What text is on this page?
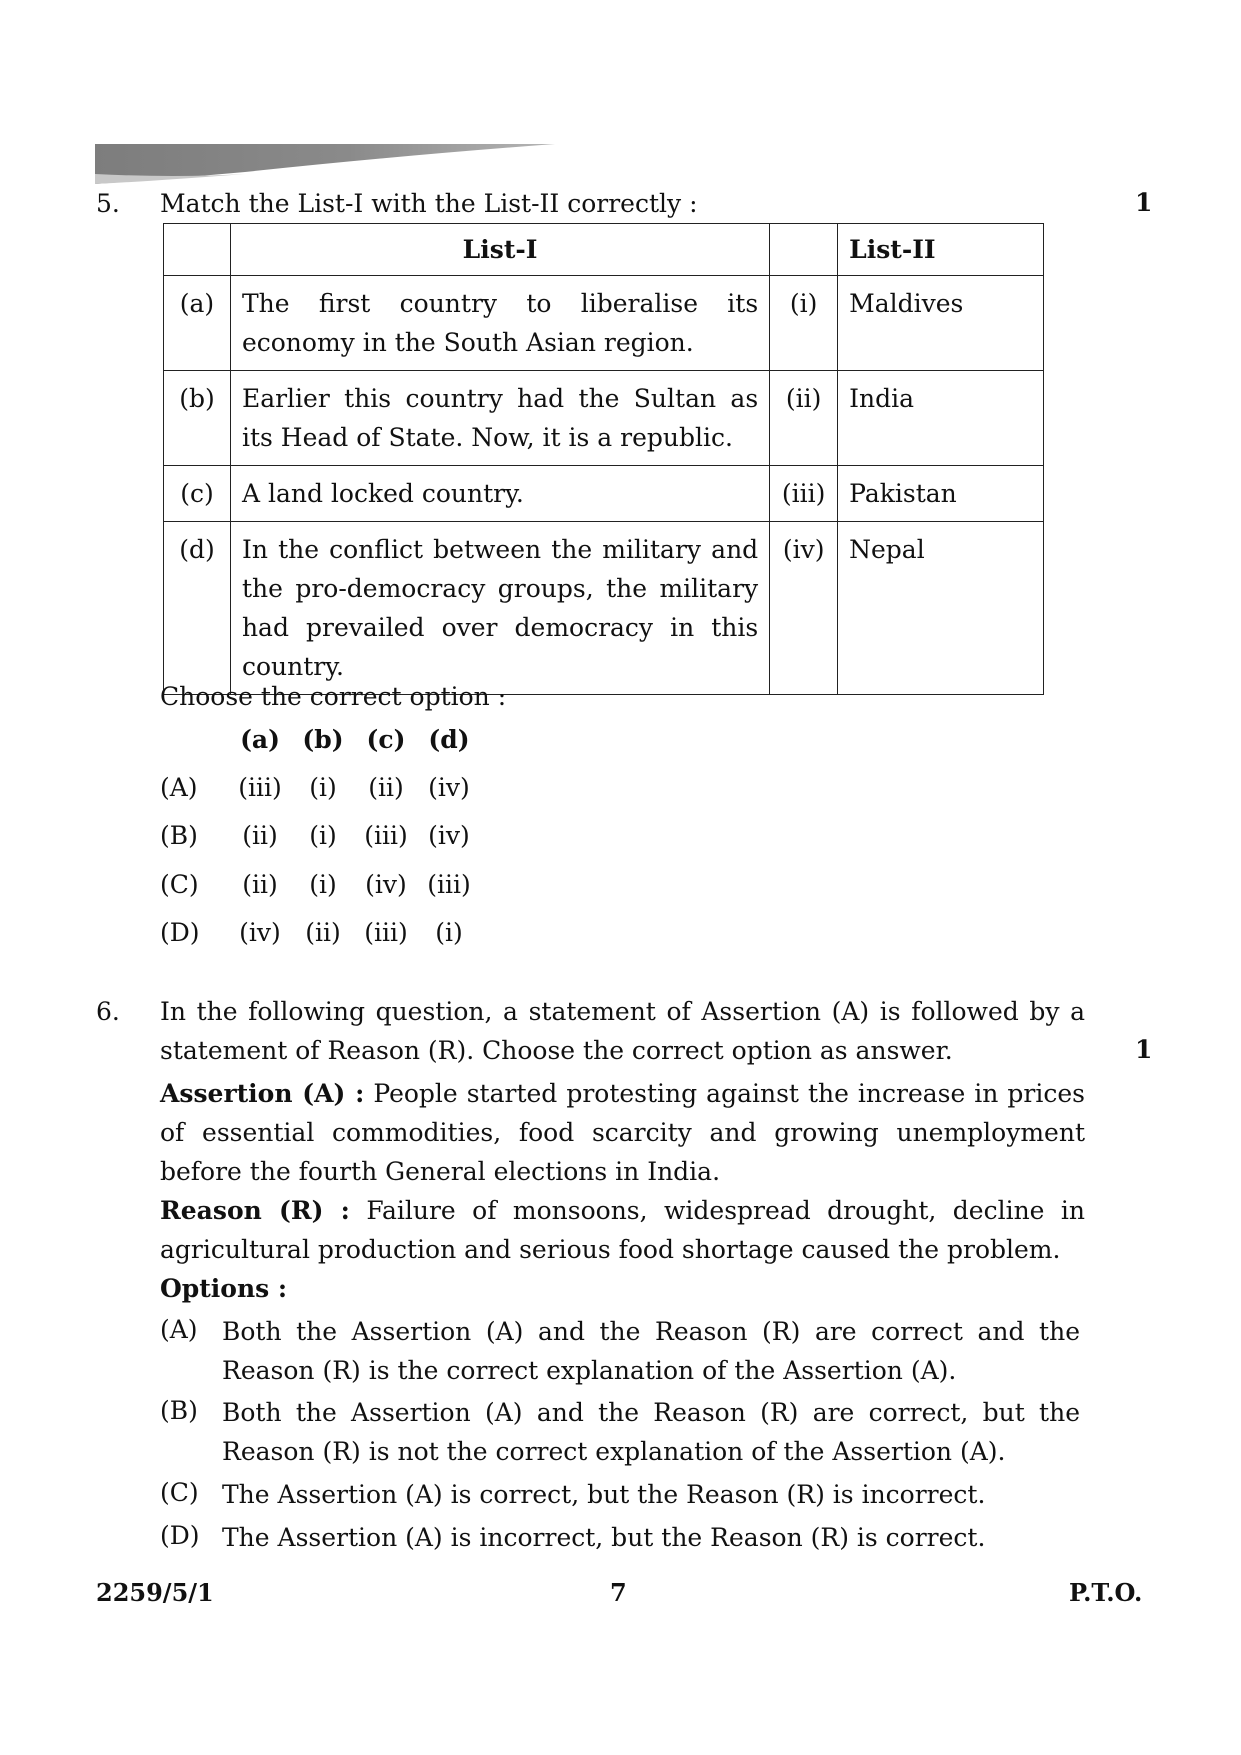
5. Match the List-I with the List-II correctly :	1
	List-I		List-II
(a)	The first country to liberalise its economy in the South Asian region.	(i)	Maldives
(b)	Earlier this country had the Sultan as its Head of State. Now, it is a republic.	(ii)	India
(c)	A land locked country.	(iii)	Pakistan
(d)	In the conflict between the military and the pro-democracy groups, the military had prevailed over democracy in this country.	(iv)	Nepal
Choose the correct option :
(a) (b) (c) (d)
(A)	(iii)	(i)	(ii) (iv)
(B)	(ii)	(i)	(iii) (iv)
(C)	(ii)	(i)	(iv) (iii)
(D)	(iv) (ii) (iii)	(i)
6. In the following question, a statement of Assertion (A) is followed by a
statement of Reason (R). Choose the correct option as answer.	1
Assertion (A) : People started protesting against the increase in prices of essential commodities, food scarcity and growing unemployment before the fourth General elections in India.
Reason (R) : Failure of monsoons, widespread drought, decline in agricultural production and serious food shortage caused the problem.
Options :
(A) Both the Assertion (A) and the Reason (R) are correct and the Reason (R) is the correct explanation of the Assertion (A).
(B) Both the Assertion (A) and the Reason (R) are correct, but the Reason (R) is not the correct explanation of the Assertion (A).
(C) The Assertion (A) is correct, but the Reason (R) is incorrect.
(D) The Assertion (A) is incorrect, but the Reason (R) is correct.
2259/5/1	7	P.T.O.
